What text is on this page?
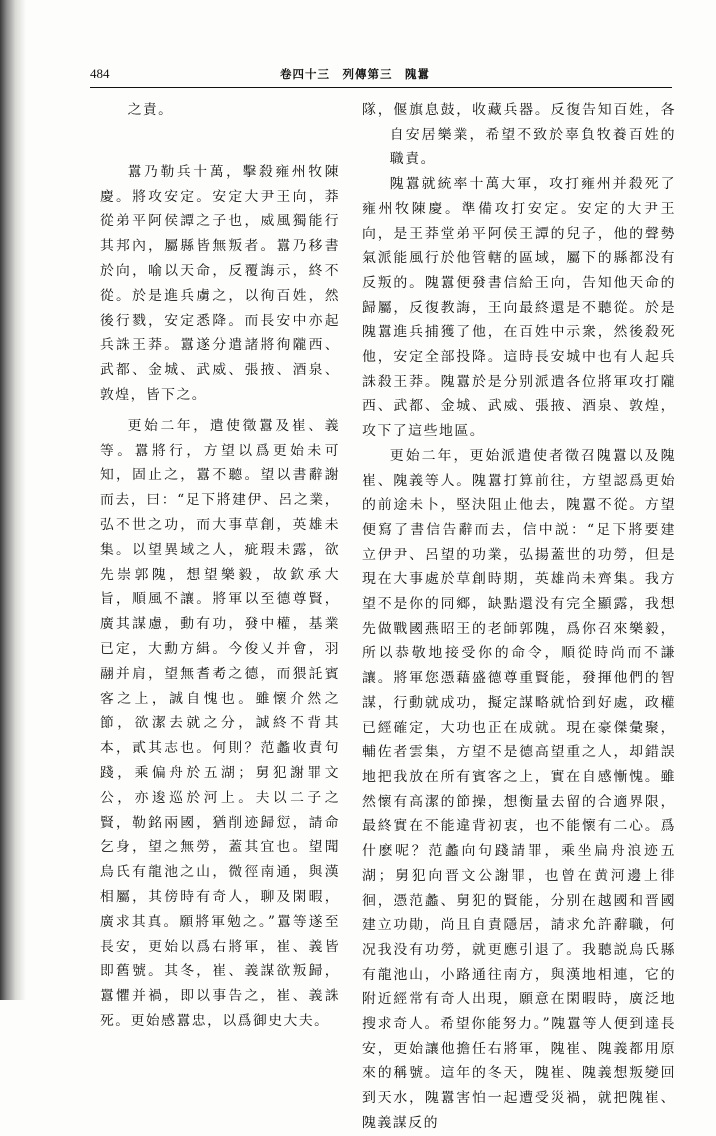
484	卷四十三　列傳第三　隗囂

之責。

囂乃勒兵十萬，擊殺雍州牧陳慶。將攻安定。安定大尹王向，莽從弟平阿侯譚之子也，威風獨能行其邦內，屬縣皆無叛者。囂乃移書於向，喻以天命，反覆誨示，終不從。於是進兵虜之，以徇百姓，然後行戮，安定悉降。而長安中亦起兵誅王莽。囂遂分遣諸將徇隴西、武都、金城、武威、張掖、酒泉、敦煌，皆下之。

更始二年，遣使徵囂及崔、義等。囂將行，方望以爲更始未可知，固止之，囂不聽。望以書辭謝而去，曰：“足下將建伊、呂之業，弘不世之功，而大事草創，英雄未集。以望異域之人，疵瑕未露，欲先崇郭隗，想望樂毅，故欽承大旨，順風不讓。將軍以至德尊賢，廣其謀慮，動有功，發中權，基業已定，大勳方緝。今俊乂并會，羽翮并肩，望無耆耇之德，而猥託賓客之上，誠自愧也。雖懷介然之節，欲潔去就之分，誠終不背其本，貳其志也。何則？范蠡收責句踐，乘偏舟於五湖；舅犯謝罪文公，亦逡巡於河上。夫以二子之賢，勒銘兩國，猶削迹歸愆，請命乞身，望之無勞，蓋其宜也。望聞烏氏有龍池之山，微徑南通，與漢相屬，其傍時有奇人，聊及閑暇，廣求其真。願將軍勉之。”囂等遂至長安，更始以爲右將軍，崔、義皆即舊號。其冬，崔、義謀欲叛歸，囂懼并禍，即以事告之，崔、義誅死。更始感囂忠，以爲御史大夫。

隊，偃旗息鼓，收藏兵器。反復告知百姓，各自安居樂業，希望不致於辜負牧養百姓的職責。

隗囂就統率十萬大軍，攻打雍州并殺死了雍州牧陳慶。準備攻打安定。安定的大尹王向，是王莽堂弟平阿侯王譚的兒子，他的聲勢氣派能風行於他管轄的區域，屬下的縣都没有反叛的。隗囂便發書信給王向，告知他天命的歸屬，反復教誨，王向最終還是不聽從。於是隗囂進兵捕獲了他，在百姓中示衆，然後殺死他，安定全部投降。這時長安城中也有人起兵誅殺王莽。隗囂於是分别派遣各位將軍攻打隴西、武都、金城、武威、張掖、酒泉、敦煌，攻下了這些地區。

更始二年，更始派遣使者徵召隗囂以及隗崔、隗義等人。隗囂打算前往，方望認爲更始的前途未卜，堅決阻止他去，隗囂不從。方望便寫了書信告辭而去，信中説：“足下將要建立伊尹、呂望的功業，弘揚蓋世的功勞，但是現在大事處於草創時期，英雄尚未齊集。我方望不是你的同鄉，缺點還没有完全顯露，我想先做戰國燕昭王的老師郭隗，爲你召來樂毅，所以恭敬地接受你的命令，順從時尚而不謙讓。將軍您憑藉盛德尊重賢能，發揮他們的智謀，行動就成功，擬定謀略就恰到好處，政權已經確定，大功也正在成就。現在豪傑彙聚，輔佐者雲集，方望不是德高望重之人，却錯誤地把我放在所有賓客之上，實在自感慚愧。雖然懷有高潔的節操，想衡量去留的合適界限，最終實在不能違背初衷，也不能懷有二心。爲什麽呢？范蠡向句踐請罪，乘坐扁舟浪迹五湖；舅犯向晋文公謝罪，也曾在黄河邊上徘徊，憑范蠡、舅犯的賢能，分别在越國和晋國建立功勛，尚且自責隱居，請求允許辭職，何况我没有功勞，就更應引退了。我聽説烏氏縣有龍池山，小路通往南方，與漢地相連，它的附近經常有奇人出現，願意在閑暇時，廣泛地搜求奇人。希望你能努力。”隗囂等人便到達長安，更始讓他擔任右將軍，隗崔、隗義都用原來的稱號。這年的冬天，隗崔、隗義想叛變回到天水，隗囂害怕一起遭受災禍，就把隗崔、隗義謀反的
